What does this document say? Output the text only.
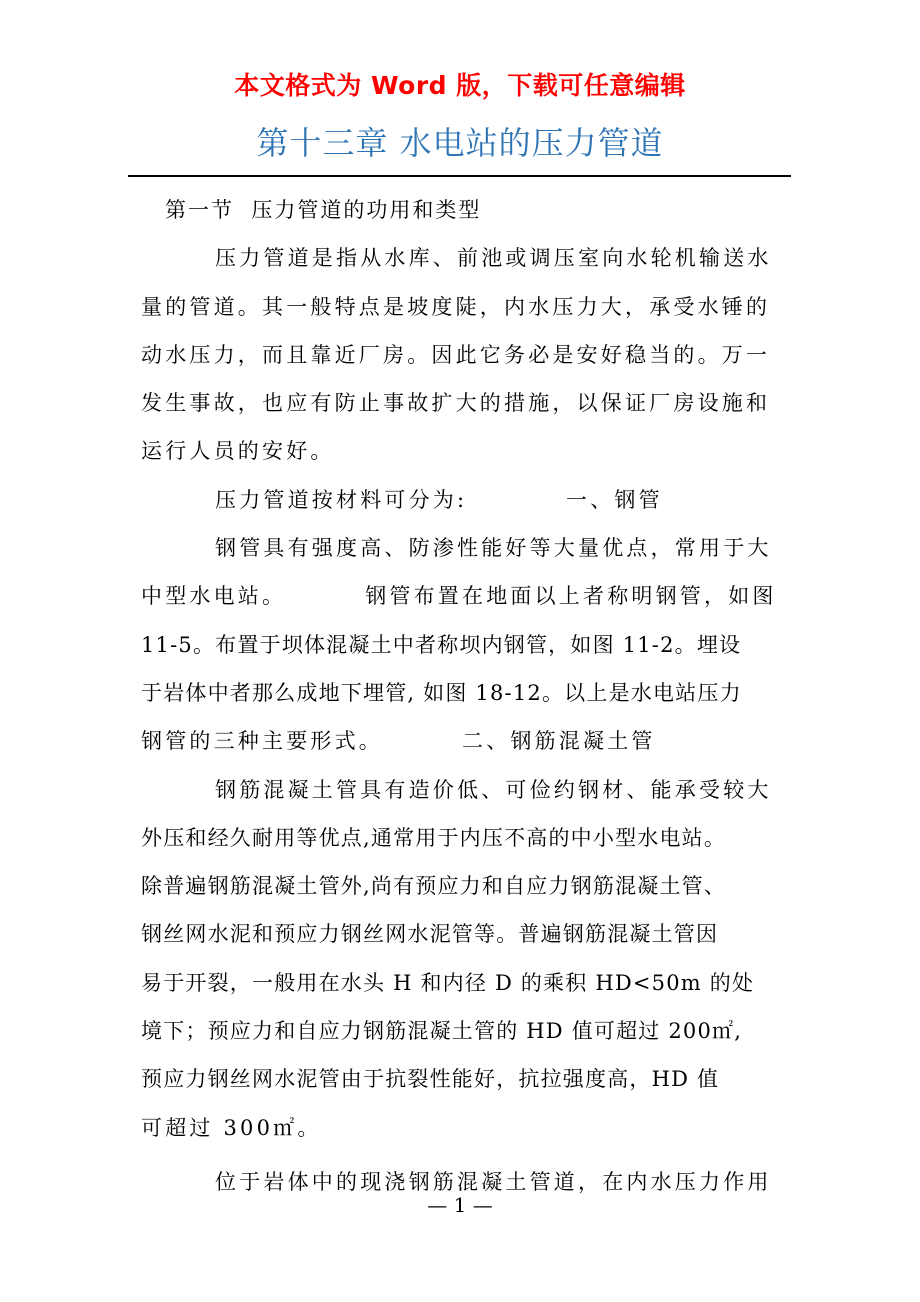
本文格式为 Word 版，下载可任意编辑
第十三章 水电站的压力管道
第一节  压力管道的功用和类型
压力管道是指从水库、前池或调压室向水轮机输送水
量的管道。其一般特点是坡度陡，内水压力大，承受水锤的
动水压力，而且靠近厂房。因此它务必是安好稳当的。万一
发生事故，也应有防止事故扩大的措施，以保证厂房设施和
运行人员的安好。
压力管道按材料可分为:          一、钢管
钢管具有强度高、防渗性能好等大量优点，常用于大
中型水电站。        钢管布置在地面以上者称明钢管，如图
11-5。布置于坝体混凝土中者称坝内钢管，如图 11-2。埋设
于岩体中者那么成地下埋管, 如图 18-12。以上是水电站压力
钢管的三种主要形式。        二、钢筋混凝土管
钢筋混凝土管具有造价低、可俭约钢材、能承受较大
外压和经久耐用等优点,通常用于内压不高的中小型水电站。
除普遍钢筋混凝土管外,尚有预应力和自应力钢筋混凝土管、
钢丝网水泥和预应力钢丝网水泥管等。普遍钢筋混凝土管因
易于开裂，一般用在水头 H 和内径 D 的乘积 HD<50m 的处
境下；预应力和自应力钢筋混凝土管的 HD 值可超过 200㎡,
预应力钢丝网水泥管由于抗裂性能好，抗拉强度高，HD 值
可超过 300㎡。
位于岩体中的现浇钢筋混凝土管道，在内水压力作用
— 1 —
